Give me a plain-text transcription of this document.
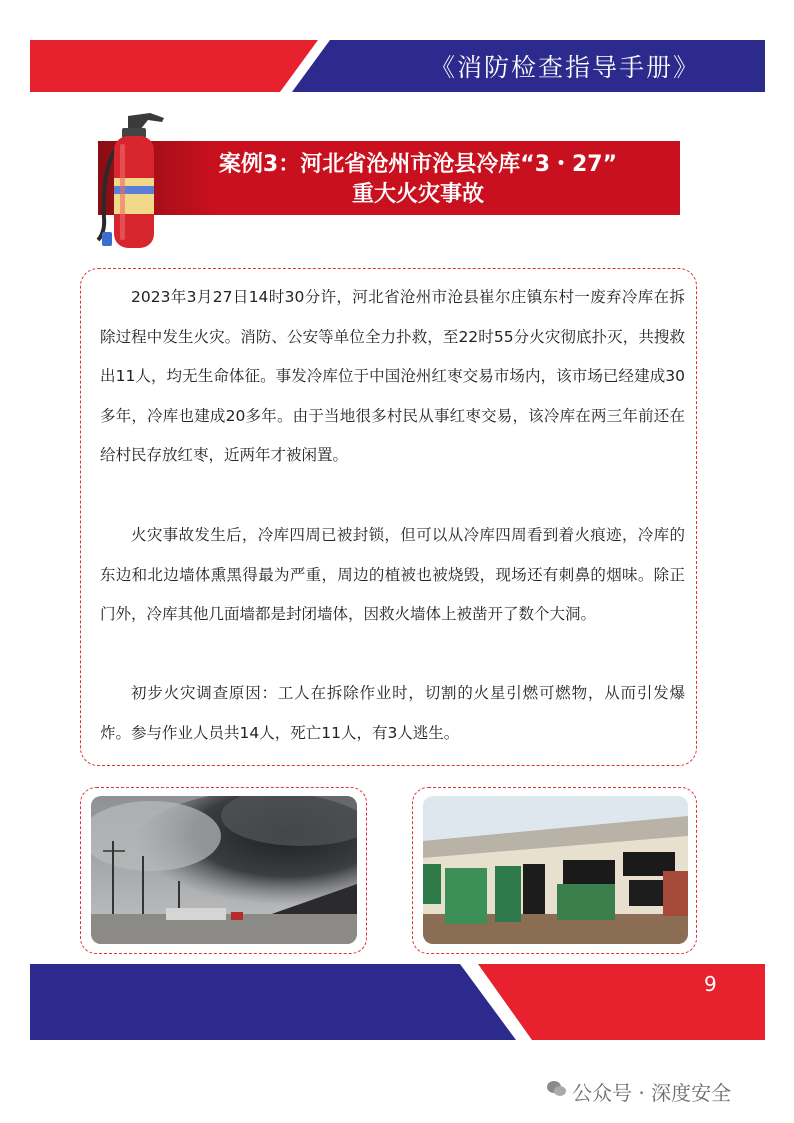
《消防检查指导手册》
案例3：河北省沧州市沧县冷库“3・27”
重大火灾事故

2023年3月27日14时30分许，河北省沧州市沧县崔尔庄镇东村一废弃冷库在拆除过程中发生火灾。消防、公安等单位全力扑救，至22时55分火灾彻底扑灭，共搜救出11人，均无生命体征。事发冷库位于中国沧州红枣交易市场内，该市场已经建成30多年，冷库也建成20多年。由于当地很多村民从事红枣交易，该冷库在两三年前还在给村民存放红枣，近两年才被闲置。

火灾事故发生后，冷库四周已被封锁，但可以从冷库四周看到着火痕迹，冷库的东边和北边墙体熏黑得最为严重，周边的植被也被烧毁，现场还有刺鼻的烟味。除正门外，冷库其他几面墙都是封闭墙体，因救火墙体上被凿开了数个大洞。

初步火灾调查原因：工人在拆除作业时，切割的火星引燃可燃物，从而引发爆炸。参与作业人员共14人，死亡11人，有3人逃生。

9
公众号 · 深度安全
